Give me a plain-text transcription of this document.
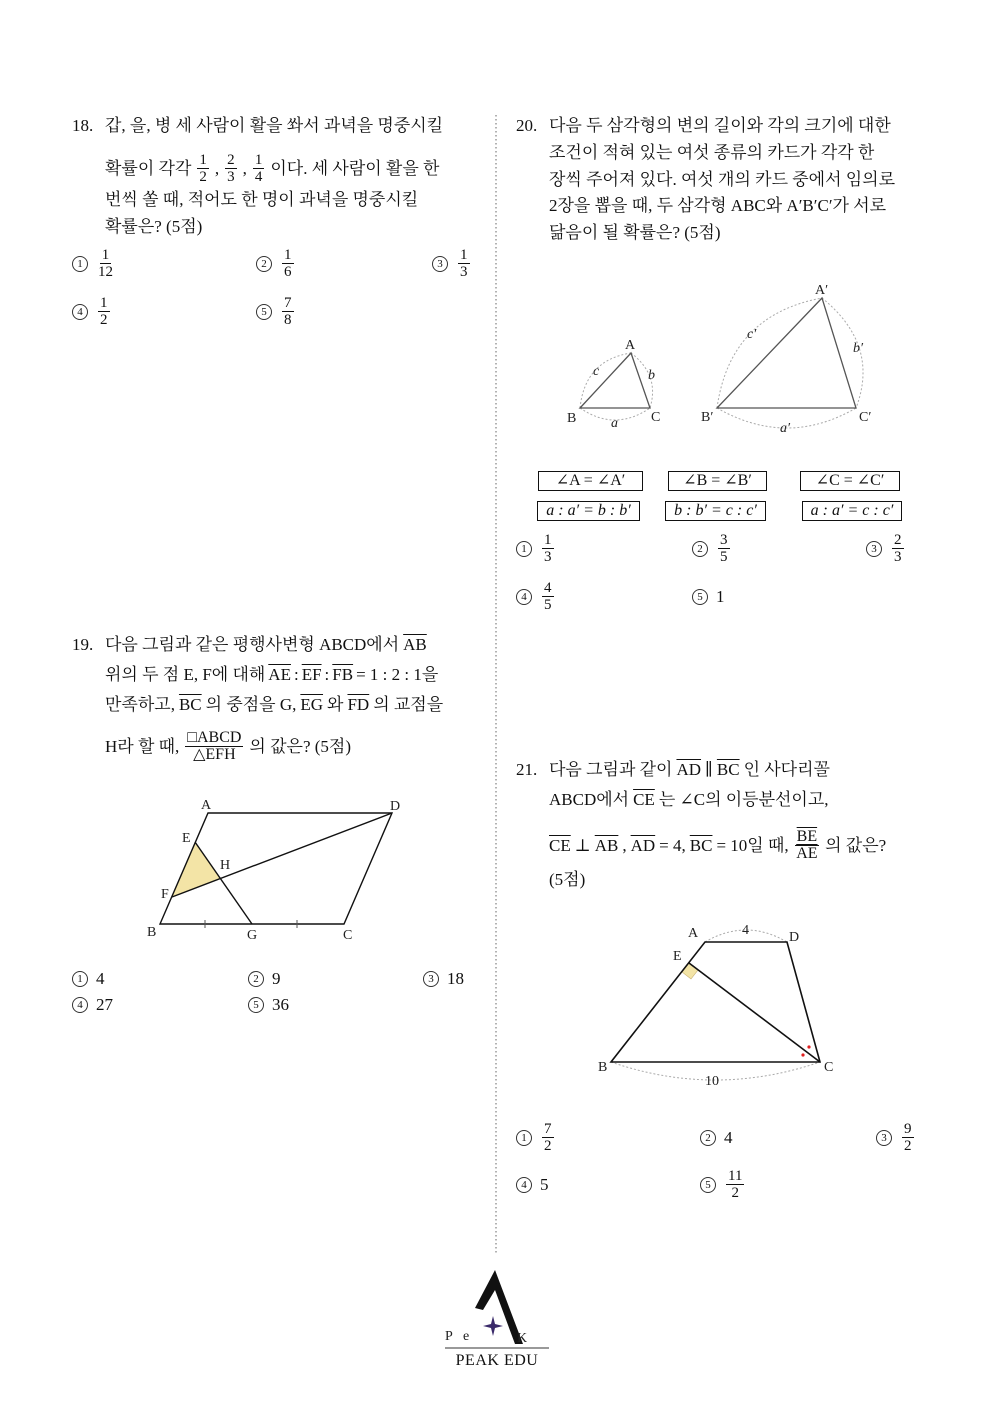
A	D
E
H
F
B	G	C
A
B	C
a
b
c
A′
B′	C′
a′
b′
c′
A	D
E
B	C
4
10
18. 갑, 을, 병 세 사람이 활을 쏴서 과녁을 명중시킬
확률이 각각 1
2 , 2
3 , 1
4 이다. 세 사람이 활을 한
번씩 쏠 때, 적어도 한 명이 과녁을 명중시킬
확률은? (5점)
1
1
12
2
1
6
3
1
3
4
1
2
5
7
8
19. 다음 그림과 같은 평행사변형 ABCD에서 $\overline{AB}$
위의 두 점 E, F에 대해 $\overline{AE}$ : $\overline{EF}$ : $\overline{FB} = 1$ : 2 : 1을
만족하고, $\overline{BC}$ 의 중점을 G, $\overline{EG}$ 와 $\overline{FD}$ 의 교점을
H라 할 때, □ABCD
△EFH 의 값은? (5점)
1 4	2 9	3 18
4 27	5 36
20. 다음 두 삼각형의 변의 길이와 각의 크기에 대한
조건이 적혀 있는 여섯 종류의 카드가 각각 한
장씩 주어져 있다. 여섯 개의 카드 중에서 임의로
2장을 뽑을 때, 두 삼각형 ABC와 A′B′C′가 서로
닮음이 될 확률은? (5점)
∠A = ∠A′	∠B = ∠B′	∠C = ∠C′
a : a′ = b : b′	b : b′ = c : c′	a : a′ = c : c′
1
1
3
2
3
5
3
2
3
4
4
5	5 1
21. 다음 그림과 같이 $\overline{AD}$ ∥ $\overline{BC}$ 인 사다리꼴
ABCD에서 $\overline{CE}$ 는 ∠C의 이등분선이고,
$\overline{CE}$ ⊥ $\overline{AB}$ , $\overline{AD} = 4$, $\overline{BC} = 10$일 때, $\overline{BE}$
$\overline{AE}$ 의 값은?
(5점)
1
7
2	2 4	3
9
2
4 5	5
11
2
P e	K
PEAK EDU
